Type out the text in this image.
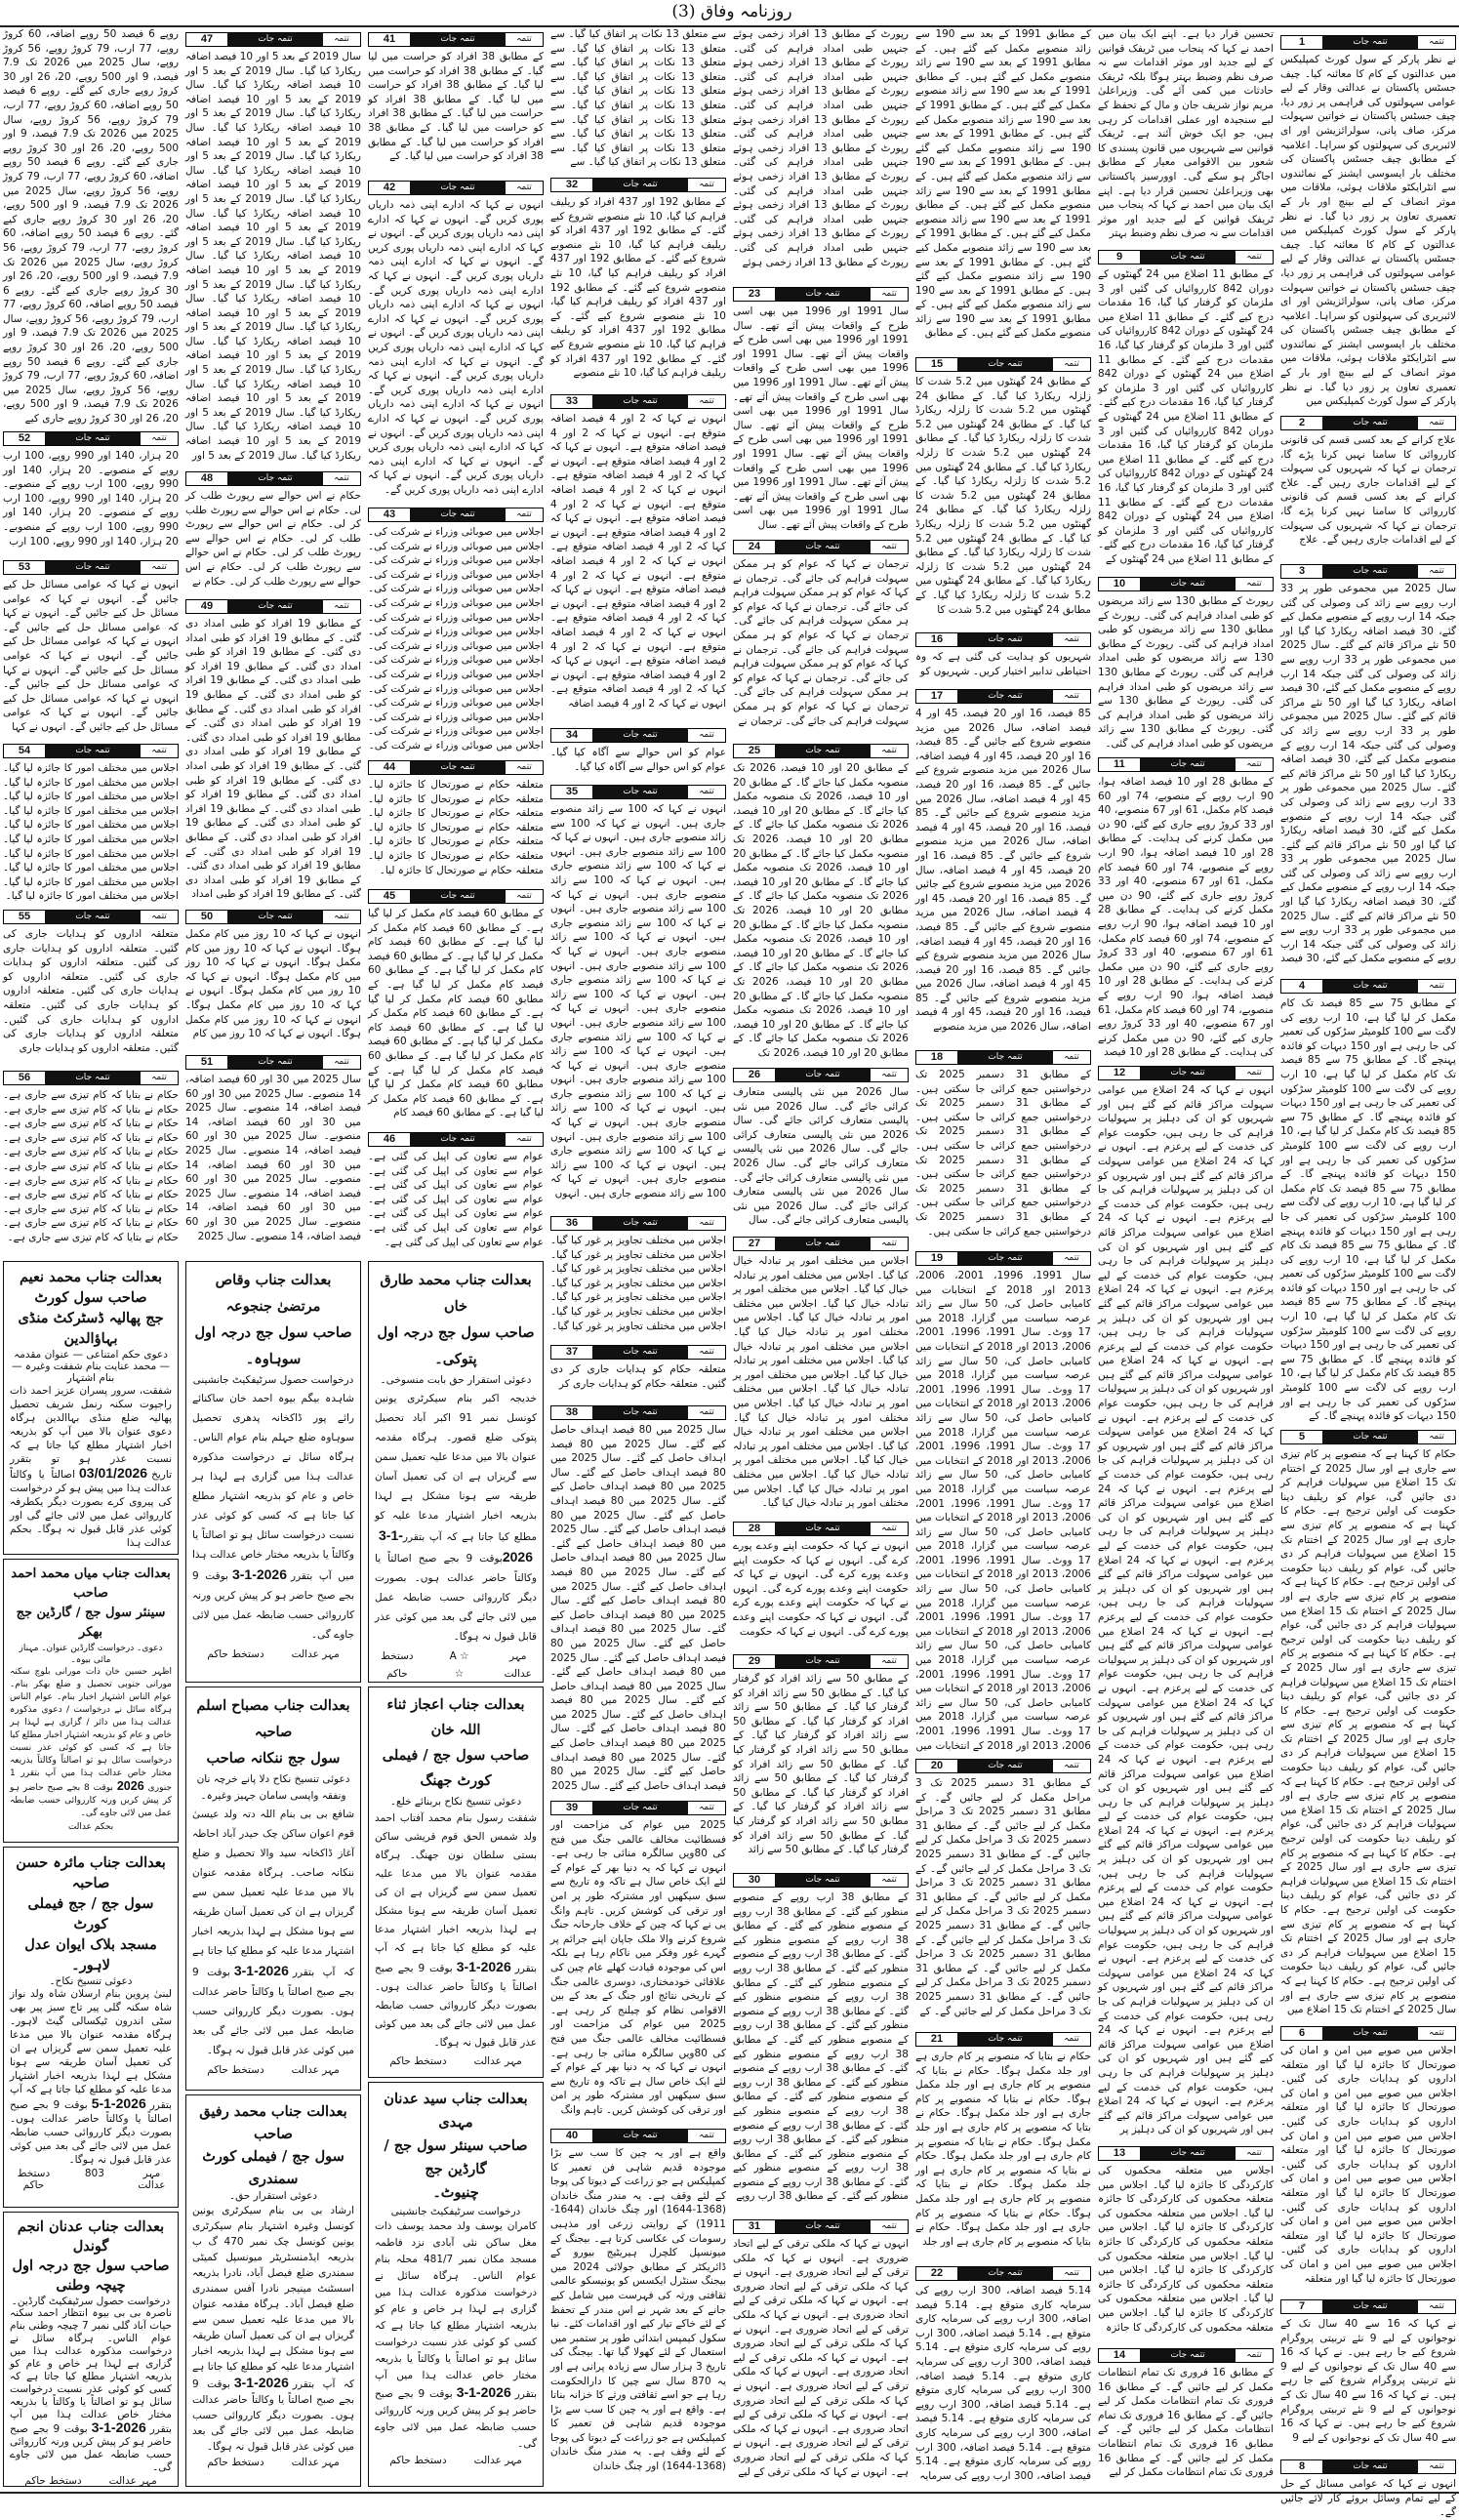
روزنامہ وفاق (3)
تتمہ
تتمہ جات
1
نے نظر پارکر کے سول کورٹ کمپلیکس میں عدالتوں کے کام کا معائنہ کیا۔ چیف جسٹس پاکستان نے عدالتی وقار کے لیے عوامی سہولتوں کی فراہمی پر زور دیا، چیف جسٹس پاکستان نے خواتین سہولت مرکز، صاف پانی، سولرائزیشن اور ای لائبریری کی سہولتوں کو سراہا۔ اعلامیہ کے مطابق چیف جسٹس پاکستان کی مختلف بار ایسوسی ایشنز کے نمائندوں سے انٹرایکٹو ملاقات ہوئی، ملاقات میں موثر انصاف کے لیے بینچ اور بار کے تعمیری تعاون پر زور دیا گیا۔ نے نظر پارکر کے سول کورٹ کمپلیکس میں عدالتوں کے کام کا معائنہ کیا۔ چیف جسٹس پاکستان نے عدالتی وقار کے لیے عوامی سہولتوں کی فراہمی پر زور دیا، چیف جسٹس پاکستان نے خواتین سہولت مرکز، صاف پانی، سولرائزیشن اور ای لائبریری کی سہولتوں کو سراہا۔ اعلامیہ کے مطابق چیف جسٹس پاکستان کی مختلف بار ایسوسی ایشنز کے نمائندوں سے انٹرایکٹو ملاقات ہوئی، ملاقات میں موثر انصاف کے لیے بینچ اور بار کے تعمیری تعاون پر زور دیا گیا۔ نے نظر پارکر کے سول کورٹ کمپلیکس میں
تتمہ
تتمہ جات
2
علاج کرانے کے بعد کسی قسم کی قانونی کارروائی کا سامنا نہیں کرنا پڑے گا، ترجمان نے کہا کہ شہریوں کی سہولت کے لیے اقدامات جاری رہیں گے۔ علاج کرانے کے بعد کسی قسم کی قانونی کارروائی کا سامنا نہیں کرنا پڑے گا، ترجمان نے کہا کہ شہریوں کی سہولت کے لیے اقدامات جاری رہیں گے۔ علاج
تتمہ
تتمہ جات
3
سال 2025 میں مجموعی طور پر 33 ارب روپے سے زائد کی وصولی کی گئی جبکہ 14 ارب روپے کے منصوبے مکمل کیے گئے، 30 فیصد اضافہ ریکارڈ کیا گیا اور 50 نئے مراکز قائم کیے گئے۔ سال 2025 میں مجموعی طور پر 33 ارب روپے سے زائد کی وصولی کی گئی جبکہ 14 ارب روپے کے منصوبے مکمل کیے گئے، 30 فیصد اضافہ ریکارڈ کیا گیا اور 50 نئے مراکز قائم کیے گئے۔ سال 2025 میں مجموعی طور پر 33 ارب روپے سے زائد کی وصولی کی گئی جبکہ 14 ارب روپے کے منصوبے مکمل کیے گئے، 30 فیصد اضافہ ریکارڈ کیا گیا اور 50 نئے مراکز قائم کیے گئے۔ سال 2025 میں مجموعی طور پر 33 ارب روپے سے زائد کی وصولی کی گئی جبکہ 14 ارب روپے کے منصوبے مکمل کیے گئے، 30 فیصد اضافہ ریکارڈ کیا گیا اور 50 نئے مراکز قائم کیے گئے۔ سال 2025 میں مجموعی طور پر 33 ارب روپے سے زائد کی وصولی کی گئی جبکہ 14 ارب روپے کے منصوبے مکمل کیے گئے، 30 فیصد اضافہ ریکارڈ کیا گیا اور 50 نئے مراکز قائم کیے گئے۔ سال 2025 میں مجموعی طور پر 33 ارب روپے سے زائد کی وصولی کی گئی جبکہ 14 ارب روپے کے منصوبے مکمل کیے گئے، 30 فیصد
تتمہ
تتمہ جات
4
کے مطابق 75 سے 85 فیصد تک کام مکمل کر لیا گیا ہے، 10 ارب روپے کی لاگت سے 100 کلومیٹر سڑکوں کی تعمیر کی جا رہی ہے اور 150 دیہات کو فائدہ پہنچے گا۔ کے مطابق 75 سے 85 فیصد تک کام مکمل کر لیا گیا ہے، 10 ارب روپے کی لاگت سے 100 کلومیٹر سڑکوں کی تعمیر کی جا رہی ہے اور 150 دیہات کو فائدہ پہنچے گا۔ کے مطابق 75 سے 85 فیصد تک کام مکمل کر لیا گیا ہے، 10 ارب روپے کی لاگت سے 100 کلومیٹر سڑکوں کی تعمیر کی جا رہی ہے اور 150 دیہات کو فائدہ پہنچے گا۔ کے مطابق 75 سے 85 فیصد تک کام مکمل کر لیا گیا ہے، 10 ارب روپے کی لاگت سے 100 کلومیٹر سڑکوں کی تعمیر کی جا رہی ہے اور 150 دیہات کو فائدہ پہنچے گا۔ کے مطابق 75 سے 85 فیصد تک کام مکمل کر لیا گیا ہے، 10 ارب روپے کی لاگت سے 100 کلومیٹر سڑکوں کی تعمیر کی جا رہی ہے اور 150 دیہات کو فائدہ پہنچے گا۔ کے مطابق 75 سے 85 فیصد تک کام مکمل کر لیا گیا ہے، 10 ارب روپے کی لاگت سے 100 کلومیٹر سڑکوں کی تعمیر کی جا رہی ہے اور 150 دیہات کو فائدہ پہنچے گا۔ کے مطابق 75 سے 85 فیصد تک کام مکمل کر لیا گیا ہے، 10 ارب روپے کی لاگت سے 100 کلومیٹر سڑکوں کی تعمیر کی جا رہی ہے اور 150 دیہات کو فائدہ پہنچے گا۔ کے
تتمہ
تتمہ جات
5
حکام کا کہنا ہے کہ منصوبے پر کام تیزی سے جاری ہے اور سال 2025 کے اختتام تک 15 اضلاع میں سہولیات فراہم کر دی جائیں گی، عوام کو ریلیف دینا حکومت کی اولین ترجیح ہے۔ حکام کا کہنا ہے کہ منصوبے پر کام تیزی سے جاری ہے اور سال 2025 کے اختتام تک 15 اضلاع میں سہولیات فراہم کر دی جائیں گی، عوام کو ریلیف دینا حکومت کی اولین ترجیح ہے۔ حکام کا کہنا ہے کہ منصوبے پر کام تیزی سے جاری ہے اور سال 2025 کے اختتام تک 15 اضلاع میں سہولیات فراہم کر دی جائیں گی، عوام کو ریلیف دینا حکومت کی اولین ترجیح ہے۔ حکام کا کہنا ہے کہ منصوبے پر کام تیزی سے جاری ہے اور سال 2025 کے اختتام تک 15 اضلاع میں سہولیات فراہم کر دی جائیں گی، عوام کو ریلیف دینا حکومت کی اولین ترجیح ہے۔ حکام کا کہنا ہے کہ منصوبے پر کام تیزی سے جاری ہے اور سال 2025 کے اختتام تک 15 اضلاع میں سہولیات فراہم کر دی جائیں گی، عوام کو ریلیف دینا حکومت کی اولین ترجیح ہے۔ حکام کا کہنا ہے کہ منصوبے پر کام تیزی سے جاری ہے اور سال 2025 کے اختتام تک 15 اضلاع میں سہولیات فراہم کر دی جائیں گی، عوام کو ریلیف دینا حکومت کی اولین ترجیح ہے۔ حکام کا کہنا ہے کہ منصوبے پر کام تیزی سے جاری ہے اور سال 2025 کے اختتام تک 15 اضلاع میں سہولیات فراہم کر دی جائیں گی، عوام کو ریلیف دینا حکومت کی اولین ترجیح ہے۔ حکام کا کہنا ہے کہ منصوبے پر کام تیزی سے جاری ہے اور سال 2025 کے اختتام تک 15 اضلاع میں سہولیات فراہم کر دی جائیں گی، عوام کو ریلیف دینا حکومت کی اولین ترجیح ہے۔ حکام کا کہنا ہے کہ منصوبے پر کام تیزی سے جاری ہے اور سال 2025 کے اختتام تک 15 اضلاع میں
تتمہ
تتمہ جات
6
اجلاس میں صوبے میں امن و امان کی صورتحال کا جائزہ لیا گیا اور متعلقہ اداروں کو ہدایات جاری کی گئیں۔ اجلاس میں صوبے میں امن و امان کی صورتحال کا جائزہ لیا گیا اور متعلقہ اداروں کو ہدایات جاری کی گئیں۔ اجلاس میں صوبے میں امن و امان کی صورتحال کا جائزہ لیا گیا اور متعلقہ اداروں کو ہدایات جاری کی گئیں۔ اجلاس میں صوبے میں امن و امان کی صورتحال کا جائزہ لیا گیا اور متعلقہ اداروں کو ہدایات جاری کی گئیں۔ اجلاس میں صوبے میں امن و امان کی صورتحال کا جائزہ لیا گیا اور متعلقہ اداروں کو ہدایات جاری کی گئیں۔ اجلاس میں صوبے میں امن و امان کی صورتحال کا جائزہ لیا گیا اور متعلقہ
تتمہ
تتمہ جات
7
نے کہا کہ 16 سے 40 سال تک کے نوجوانوں کے لیے 9 نئے تربیتی پروگرام شروع کیے جا رہے ہیں۔ نے کہا کہ 16 سے 40 سال تک کے نوجوانوں کے لیے 9 نئے تربیتی پروگرام شروع کیے جا رہے ہیں۔ نے کہا کہ 16 سے 40 سال تک کے نوجوانوں کے لیے 9 نئے تربیتی پروگرام شروع کیے جا رہے ہیں۔ نے کہا کہ 16 سے 40 سال تک کے نوجوانوں کے لیے 9
تتمہ
تتمہ جات
8
انہوں نے کہا کہ عوامی مسائل کے حل کے لیے تمام وسائل بروئے کار لائے جائیں گے۔
تحسین قرار دیا ہے۔ اپنے ایک بیان میں احمد نے کہا کہ پنجاب میں ٹریفک قوانین کے لیے جدید اور موثر اقدامات سے نہ صرف نظم وضبط بہتر ہوگا بلکہ ٹریفک حادثات میں کمی آئے گی۔ وزیراعلیٰ مریم نواز شریف جان و مال کے تحفظ کے لیے سنجیدہ اور عملی اقدامات کر رہی ہیں، جو ایک خوش آئند ہے۔ ٹریفک قوانین سے شہریوں میں قانون پسندی کا شعور بین الاقوامی معیار کے مطابق اجاگر ہو سکے گی۔ اوورسیز پاکستانی بھی وزیراعلیٰ تحسین قرار دیا ہے۔ اپنے ایک بیان میں احمد نے کہا کہ پنجاب میں ٹریفک قوانین کے لیے جدید اور موثر اقدامات سے نہ صرف نظم وضبط بہتر
تتمہ
تتمہ جات
9
کے مطابق 11 اضلاع میں 24 گھنٹوں کے دوران 842 کارروائیاں کی گئیں اور 3 ملزمان کو گرفتار کیا گیا، 16 مقدمات درج کیے گئے۔ کے مطابق 11 اضلاع میں 24 گھنٹوں کے دوران 842 کارروائیاں کی گئیں اور 3 ملزمان کو گرفتار کیا گیا، 16 مقدمات درج کیے گئے۔ کے مطابق 11 اضلاع میں 24 گھنٹوں کے دوران 842 کارروائیاں کی گئیں اور 3 ملزمان کو گرفتار کیا گیا، 16 مقدمات درج کیے گئے۔ کے مطابق 11 اضلاع میں 24 گھنٹوں کے دوران 842 کارروائیاں کی گئیں اور 3 ملزمان کو گرفتار کیا گیا، 16 مقدمات درج کیے گئے۔ کے مطابق 11 اضلاع میں 24 گھنٹوں کے دوران 842 کارروائیاں کی گئیں اور 3 ملزمان کو گرفتار کیا گیا، 16 مقدمات درج کیے گئے۔ کے مطابق 11 اضلاع میں 24 گھنٹوں کے دوران 842 کارروائیاں کی گئیں اور 3 ملزمان کو گرفتار کیا گیا، 16 مقدمات درج کیے گئے۔ کے مطابق 11 اضلاع میں 24 گھنٹوں کے
تتمہ
تتمہ جات
10
رپورٹ کے مطابق 130 سے زائد مریضوں کو طبی امداد فراہم کی گئی۔ رپورٹ کے مطابق 130 سے زائد مریضوں کو طبی امداد فراہم کی گئی۔ رپورٹ کے مطابق 130 سے زائد مریضوں کو طبی امداد فراہم کی گئی۔ رپورٹ کے مطابق 130 سے زائد مریضوں کو طبی امداد فراہم کی گئی۔ رپورٹ کے مطابق 130 سے زائد مریضوں کو طبی امداد فراہم کی گئی۔ رپورٹ کے مطابق 130 سے زائد مریضوں کو طبی امداد فراہم کی گئی۔
تتمہ
تتمہ جات
11
کے مطابق 28 اور 10 فیصد اضافہ ہوا، 90 ارب روپے کے منصوبے، 74 اور 60 فیصد کام مکمل، 61 اور 67 منصوبے، 40 اور 33 کروڑ روپے جاری کیے گئے، 90 دن میں مکمل کرنے کی ہدایت۔ کے مطابق 28 اور 10 فیصد اضافہ ہوا، 90 ارب روپے کے منصوبے، 74 اور 60 فیصد کام مکمل، 61 اور 67 منصوبے، 40 اور 33 کروڑ روپے جاری کیے گئے، 90 دن میں مکمل کرنے کی ہدایت۔ کے مطابق 28 اور 10 فیصد اضافہ ہوا، 90 ارب روپے کے منصوبے، 74 اور 60 فیصد کام مکمل، 61 اور 67 منصوبے، 40 اور 33 کروڑ روپے جاری کیے گئے، 90 دن میں مکمل کرنے کی ہدایت۔ کے مطابق 28 اور 10 فیصد اضافہ ہوا، 90 ارب روپے کے منصوبے، 74 اور 60 فیصد کام مکمل، 61 اور 67 منصوبے، 40 اور 33 کروڑ روپے جاری کیے گئے، 90 دن میں مکمل کرنے کی ہدایت۔ کے مطابق 28 اور 10 فیصد
تتمہ
تتمہ جات
12
انہوں نے کہا کہ 24 اضلاع میں عوامی سہولت مراکز قائم کیے گئے ہیں اور شہریوں کو ان کی دہلیز پر سہولیات فراہم کی جا رہی ہیں، حکومت عوام کی خدمت کے لیے پرعزم ہے۔ انہوں نے کہا کہ 24 اضلاع میں عوامی سہولت مراکز قائم کیے گئے ہیں اور شہریوں کو ان کی دہلیز پر سہولیات فراہم کی جا رہی ہیں، حکومت عوام کی خدمت کے لیے پرعزم ہے۔ انہوں نے کہا کہ 24 اضلاع میں عوامی سہولت مراکز قائم کیے گئے ہیں اور شہریوں کو ان کی دہلیز پر سہولیات فراہم کی جا رہی ہیں، حکومت عوام کی خدمت کے لیے پرعزم ہے۔ انہوں نے کہا کہ 24 اضلاع میں عوامی سہولت مراکز قائم کیے گئے ہیں اور شہریوں کو ان کی دہلیز پر سہولیات فراہم کی جا رہی ہیں، حکومت عوام کی خدمت کے لیے پرعزم ہے۔ انہوں نے کہا کہ 24 اضلاع میں عوامی سہولت مراکز قائم کیے گئے ہیں اور شہریوں کو ان کی دہلیز پر سہولیات فراہم کی جا رہی ہیں، حکومت عوام کی خدمت کے لیے پرعزم ہے۔ انہوں نے کہا کہ 24 اضلاع میں عوامی سہولت مراکز قائم کیے گئے ہیں اور شہریوں کو ان کی دہلیز پر سہولیات فراہم کی جا رہی ہیں، حکومت عوام کی خدمت کے لیے پرعزم ہے۔ انہوں نے کہا کہ 24 اضلاع میں عوامی سہولت مراکز قائم کیے گئے ہیں اور شہریوں کو ان کی دہلیز پر سہولیات فراہم کی جا رہی ہیں، حکومت عوام کی خدمت کے لیے پرعزم ہے۔ انہوں نے کہا کہ 24 اضلاع میں عوامی سہولت مراکز قائم کیے گئے ہیں اور شہریوں کو ان کی دہلیز پر سہولیات فراہم کی جا رہی ہیں، حکومت عوام کی خدمت کے لیے پرعزم ہے۔ انہوں نے کہا کہ 24 اضلاع میں عوامی سہولت مراکز قائم کیے گئے ہیں اور شہریوں کو ان کی دہلیز پر سہولیات فراہم کی جا رہی ہیں، حکومت عوام کی خدمت کے لیے پرعزم ہے۔ انہوں نے کہا کہ 24 اضلاع میں عوامی سہولت مراکز قائم کیے گئے ہیں اور شہریوں کو ان کی دہلیز پر سہولیات فراہم کی جا رہی ہیں، حکومت عوام کی خدمت کے لیے پرعزم ہے۔ انہوں نے کہا کہ 24 اضلاع میں عوامی سہولت مراکز قائم کیے گئے ہیں اور شہریوں کو ان کی دہلیز پر سہولیات فراہم کی جا رہی ہیں، حکومت عوام کی خدمت کے لیے پرعزم ہے۔ انہوں نے کہا کہ 24 اضلاع میں عوامی سہولت مراکز قائم کیے گئے ہیں اور شہریوں کو ان کی دہلیز پر سہولیات فراہم کی جا رہی ہیں، حکومت عوام کی خدمت کے لیے پرعزم ہے۔ انہوں نے کہا کہ 24 اضلاع میں عوامی سہولت مراکز قائم کیے گئے ہیں اور شہریوں کو ان کی دہلیز پر سہولیات فراہم کی جا رہی ہیں، حکومت عوام کی خدمت کے لیے پرعزم ہے۔ انہوں نے کہا کہ 24 اضلاع میں عوامی سہولت مراکز قائم کیے گئے ہیں اور شہریوں کو ان کی دہلیز پر سہولیات فراہم کی جا رہی ہیں، حکومت عوام کی خدمت کے لیے پرعزم ہے۔ انہوں نے کہا کہ 24 اضلاع میں عوامی سہولت مراکز قائم کیے گئے ہیں اور شہریوں کو ان کی دہلیز پر سہولیات فراہم کی جا رہی ہیں، حکومت عوام کی خدمت کے لیے پرعزم ہے۔ انہوں نے کہا کہ 24 اضلاع میں عوامی سہولت مراکز قائم کیے گئے ہیں اور شہریوں کو ان کی دہلیز پر
تتمہ
تتمہ جات
13
اجلاس میں متعلقہ محکموں کی کارکردگی کا جائزہ لیا گیا۔ اجلاس میں متعلقہ محکموں کی کارکردگی کا جائزہ لیا گیا۔ اجلاس میں متعلقہ محکموں کی کارکردگی کا جائزہ لیا گیا۔ اجلاس میں متعلقہ محکموں کی کارکردگی کا جائزہ لیا گیا۔ اجلاس میں متعلقہ محکموں کی کارکردگی کا جائزہ لیا گیا۔ اجلاس میں متعلقہ محکموں کی کارکردگی کا جائزہ لیا گیا۔ اجلاس میں متعلقہ محکموں کی کارکردگی کا جائزہ لیا گیا۔ اجلاس میں متعلقہ محکموں کی کارکردگی کا جائزہ
تتمہ
تتمہ جات
14
کے مطابق 16 فروری تک تمام انتظامات مکمل کر لیے جائیں گے۔ کے مطابق 16 فروری تک تمام انتظامات مکمل کر لیے جائیں گے۔ کے مطابق 16 فروری تک تمام انتظامات مکمل کر لیے جائیں گے۔ کے مطابق 16 فروری تک تمام انتظامات مکمل کر لیے جائیں گے۔ کے مطابق 16 فروری تک تمام انتظامات مکمل کر لیے
کے مطابق 1991 کے بعد سے 190 سے زائد منصوبے مکمل کیے گئے ہیں۔ کے مطابق 1991 کے بعد سے 190 سے زائد منصوبے مکمل کیے گئے ہیں۔ کے مطابق 1991 کے بعد سے 190 سے زائد منصوبے مکمل کیے گئے ہیں۔ کے مطابق 1991 کے بعد سے 190 سے زائد منصوبے مکمل کیے گئے ہیں۔ کے مطابق 1991 کے بعد سے 190 سے زائد منصوبے مکمل کیے گئے ہیں۔ کے مطابق 1991 کے بعد سے 190 سے زائد منصوبے مکمل کیے گئے ہیں۔ کے مطابق 1991 کے بعد سے 190 سے زائد منصوبے مکمل کیے گئے ہیں۔ کے مطابق 1991 کے بعد سے 190 سے زائد منصوبے مکمل کیے گئے ہیں۔ کے مطابق 1991 کے بعد سے 190 سے زائد منصوبے مکمل کیے گئے ہیں۔ کے مطابق 1991 کے بعد سے 190 سے زائد منصوبے مکمل کیے گئے ہیں۔ کے مطابق 1991 کے بعد سے 190 سے زائد منصوبے مکمل کیے گئے ہیں۔ کے مطابق 1991 کے بعد سے 190 سے زائد منصوبے مکمل کیے گئے ہیں۔ کے مطابق
تتمہ
تتمہ جات
15
کے مطابق 24 گھنٹوں میں 5.2 شدت کا زلزلہ ریکارڈ کیا گیا۔ کے مطابق 24 گھنٹوں میں 5.2 شدت کا زلزلہ ریکارڈ کیا گیا۔ کے مطابق 24 گھنٹوں میں 5.2 شدت کا زلزلہ ریکارڈ کیا گیا۔ کے مطابق 24 گھنٹوں میں 5.2 شدت کا زلزلہ ریکارڈ کیا گیا۔ کے مطابق 24 گھنٹوں میں 5.2 شدت کا زلزلہ ریکارڈ کیا گیا۔ کے مطابق 24 گھنٹوں میں 5.2 شدت کا زلزلہ ریکارڈ کیا گیا۔ کے مطابق 24 گھنٹوں میں 5.2 شدت کا زلزلہ ریکارڈ کیا گیا۔ کے مطابق 24 گھنٹوں میں 5.2 شدت کا زلزلہ ریکارڈ کیا گیا۔ کے مطابق 24 گھنٹوں میں 5.2 شدت کا زلزلہ ریکارڈ کیا گیا۔ کے مطابق 24 گھنٹوں میں 5.2 شدت کا زلزلہ ریکارڈ کیا گیا۔ کے مطابق 24 گھنٹوں میں 5.2 شدت کا
تتمہ
تتمہ جات
16
شہریوں کو ہدایت کی گئی ہے کہ وہ احتیاطی تدابیر اختیار کریں۔ شہریوں کو
تتمہ
تتمہ جات
17
85 فیصد، 16 اور 20 فیصد، 45 اور 4 فیصد اضافہ، سال 2026 میں مزید منصوبے شروع کیے جائیں گے۔ 85 فیصد، 16 اور 20 فیصد، 45 اور 4 فیصد اضافہ، سال 2026 میں مزید منصوبے شروع کیے جائیں گے۔ 85 فیصد، 16 اور 20 فیصد، 45 اور 4 فیصد اضافہ، سال 2026 میں مزید منصوبے شروع کیے جائیں گے۔ 85 فیصد، 16 اور 20 فیصد، 45 اور 4 فیصد اضافہ، سال 2026 میں مزید منصوبے شروع کیے جائیں گے۔ 85 فیصد، 16 اور 20 فیصد، 45 اور 4 فیصد اضافہ، سال 2026 میں مزید منصوبے شروع کیے جائیں گے۔ 85 فیصد، 16 اور 20 فیصد، 45 اور 4 فیصد اضافہ، سال 2026 میں مزید منصوبے شروع کیے جائیں گے۔ 85 فیصد، 16 اور 20 فیصد، 45 اور 4 فیصد اضافہ، سال 2026 میں مزید منصوبے شروع کیے جائیں گے۔ 85 فیصد، 16 اور 20 فیصد، 45 اور 4 فیصد اضافہ، سال 2026 میں مزید منصوبے شروع کیے جائیں گے۔ 85 فیصد، 16 اور 20 فیصد، 45 اور 4 فیصد اضافہ، سال 2026 میں مزید منصوبے
تتمہ
تتمہ جات
18
کے مطابق 31 دسمبر 2025 تک درخواستیں جمع کرائی جا سکتی ہیں۔ کے مطابق 31 دسمبر 2025 تک درخواستیں جمع کرائی جا سکتی ہیں۔ کے مطابق 31 دسمبر 2025 تک درخواستیں جمع کرائی جا سکتی ہیں۔ کے مطابق 31 دسمبر 2025 تک درخواستیں جمع کرائی جا سکتی ہیں۔ کے مطابق 31 دسمبر 2025 تک درخواستیں جمع کرائی جا سکتی ہیں۔ کے مطابق 31 دسمبر 2025 تک درخواستیں جمع کرائی جا سکتی ہیں۔
تتمہ
تتمہ جات
19
سال 1991، 1996، 2001، 2006، 2013 اور 2018 کے انتخابات میں کامیابی حاصل کی، 50 سال سے زائد عرصہ سیاست میں گزارا، 2018 میں 17 ووٹ۔ سال 1991، 1996، 2001، 2006، 2013 اور 2018 کے انتخابات میں کامیابی حاصل کی، 50 سال سے زائد عرصہ سیاست میں گزارا، 2018 میں 17 ووٹ۔ سال 1991، 1996، 2001، 2006، 2013 اور 2018 کے انتخابات میں کامیابی حاصل کی، 50 سال سے زائد عرصہ سیاست میں گزارا، 2018 میں 17 ووٹ۔ سال 1991، 1996، 2001، 2006، 2013 اور 2018 کے انتخابات میں کامیابی حاصل کی، 50 سال سے زائد عرصہ سیاست میں گزارا، 2018 میں 17 ووٹ۔ سال 1991، 1996، 2001، 2006، 2013 اور 2018 کے انتخابات میں کامیابی حاصل کی، 50 سال سے زائد عرصہ سیاست میں گزارا، 2018 میں 17 ووٹ۔ سال 1991، 1996، 2001، 2006، 2013 اور 2018 کے انتخابات میں کامیابی حاصل کی، 50 سال سے زائد عرصہ سیاست میں گزارا، 2018 میں 17 ووٹ۔ سال 1991، 1996، 2001، 2006، 2013 اور 2018 کے انتخابات میں کامیابی حاصل کی، 50 سال سے زائد عرصہ سیاست میں گزارا، 2018 میں 17 ووٹ۔ سال 1991، 1996، 2001، 2006، 2013 اور 2018 کے انتخابات میں کامیابی حاصل کی، 50 سال سے زائد عرصہ سیاست میں گزارا، 2018 میں 17 ووٹ۔ سال 1991، 1996، 2001، 2006، 2013 اور 2018 کے انتخابات میں
تتمہ
تتمہ جات
20
کے مطابق 31 دسمبر 2025 تک 3 مراحل مکمل کر لیے جائیں گے۔ کے مطابق 31 دسمبر 2025 تک 3 مراحل مکمل کر لیے جائیں گے۔ کے مطابق 31 دسمبر 2025 تک 3 مراحل مکمل کر لیے جائیں گے۔ کے مطابق 31 دسمبر 2025 تک 3 مراحل مکمل کر لیے جائیں گے۔ کے مطابق 31 دسمبر 2025 تک 3 مراحل مکمل کر لیے جائیں گے۔ کے مطابق 31 دسمبر 2025 تک 3 مراحل مکمل کر لیے جائیں گے۔ کے مطابق 31 دسمبر 2025 تک 3 مراحل مکمل کر لیے جائیں گے۔ کے مطابق 31 دسمبر 2025 تک 3 مراحل مکمل کر لیے جائیں گے۔ کے مطابق 31 دسمبر 2025 تک 3 مراحل مکمل کر لیے جائیں گے۔ کے مطابق 31 دسمبر 2025 تک 3 مراحل مکمل کر لیے جائیں گے۔ کے
تتمہ
تتمہ جات
21
حکام نے بتایا کہ منصوبے پر کام جاری ہے اور جلد مکمل ہوگا۔ حکام نے بتایا کہ منصوبے پر کام جاری ہے اور جلد مکمل ہوگا۔ حکام نے بتایا کہ منصوبے پر کام جاری ہے اور جلد مکمل ہوگا۔ حکام نے بتایا کہ منصوبے پر کام جاری ہے اور جلد مکمل ہوگا۔ حکام نے بتایا کہ منصوبے پر کام جاری ہے اور جلد مکمل ہوگا۔ حکام نے بتایا کہ منصوبے پر کام جاری ہے اور جلد مکمل ہوگا۔ حکام نے بتایا کہ منصوبے پر کام جاری ہے اور جلد مکمل ہوگا۔ حکام نے بتایا کہ منصوبے پر کام جاری ہے اور جلد مکمل ہوگا۔ حکام نے بتایا کہ منصوبے پر کام جاری ہے اور جلد
تتمہ
تتمہ جات
22
5.14 فیصد اضافہ، 300 ارب روپے کی سرمایہ کاری متوقع ہے۔ 5.14 فیصد اضافہ، 300 ارب روپے کی سرمایہ کاری متوقع ہے۔ 5.14 فیصد اضافہ، 300 ارب روپے کی سرمایہ کاری متوقع ہے۔ 5.14 فیصد اضافہ، 300 ارب روپے کی سرمایہ کاری متوقع ہے۔ 5.14 فیصد اضافہ، 300 ارب روپے کی سرمایہ کاری متوقع ہے۔ 5.14 فیصد اضافہ، 300 ارب روپے کی سرمایہ کاری متوقع ہے۔ 5.14 فیصد اضافہ، 300 ارب روپے کی سرمایہ کاری متوقع ہے۔ 5.14 فیصد اضافہ، 300 ارب روپے کی سرمایہ کاری متوقع ہے۔ 5.14 فیصد اضافہ، 300 ارب روپے کی سرمایہ
رپورٹ کے مطابق 13 افراد زخمی ہوئے جنہیں طبی امداد فراہم کی گئی۔ رپورٹ کے مطابق 13 افراد زخمی ہوئے جنہیں طبی امداد فراہم کی گئی۔ رپورٹ کے مطابق 13 افراد زخمی ہوئے جنہیں طبی امداد فراہم کی گئی۔ رپورٹ کے مطابق 13 افراد زخمی ہوئے جنہیں طبی امداد فراہم کی گئی۔ رپورٹ کے مطابق 13 افراد زخمی ہوئے جنہیں طبی امداد فراہم کی گئی۔ رپورٹ کے مطابق 13 افراد زخمی ہوئے جنہیں طبی امداد فراہم کی گئی۔ رپورٹ کے مطابق 13 افراد زخمی ہوئے جنہیں طبی امداد فراہم کی گئی۔ رپورٹ کے مطابق 13 افراد زخمی ہوئے جنہیں طبی امداد فراہم کی گئی۔ رپورٹ کے مطابق 13 افراد زخمی ہوئے
تتمہ
تتمہ جات
23
سال 1991 اور 1996 میں بھی اسی طرح کے واقعات پیش آئے تھے۔ سال 1991 اور 1996 میں بھی اسی طرح کے واقعات پیش آئے تھے۔ سال 1991 اور 1996 میں بھی اسی طرح کے واقعات پیش آئے تھے۔ سال 1991 اور 1996 میں بھی اسی طرح کے واقعات پیش آئے تھے۔ سال 1991 اور 1996 میں بھی اسی طرح کے واقعات پیش آئے تھے۔ سال 1991 اور 1996 میں بھی اسی طرح کے واقعات پیش آئے تھے۔ سال 1991 اور 1996 میں بھی اسی طرح کے واقعات پیش آئے تھے۔ سال 1991 اور 1996 میں بھی اسی طرح کے واقعات پیش آئے تھے۔ سال 1991 اور 1996 میں بھی اسی طرح کے واقعات پیش آئے تھے۔ سال
تتمہ
تتمہ جات
24
ترجمان نے کہا کہ عوام کو ہر ممکن سہولت فراہم کی جائے گی۔ ترجمان نے کہا کہ عوام کو ہر ممکن سہولت فراہم کی جائے گی۔ ترجمان نے کہا کہ عوام کو ہر ممکن سہولت فراہم کی جائے گی۔ ترجمان نے کہا کہ عوام کو ہر ممکن سہولت فراہم کی جائے گی۔ ترجمان نے کہا کہ عوام کو ہر ممکن سہولت فراہم کی جائے گی۔ ترجمان نے کہا کہ عوام کو ہر ممکن سہولت فراہم کی جائے گی۔ ترجمان نے کہا کہ عوام کو ہر ممکن سہولت فراہم کی جائے گی۔ ترجمان نے
تتمہ
تتمہ جات
25
کے مطابق 20 اور 10 فیصد، 2026 تک منصوبہ مکمل کیا جائے گا۔ کے مطابق 20 اور 10 فیصد، 2026 تک منصوبہ مکمل کیا جائے گا۔ کے مطابق 20 اور 10 فیصد، 2026 تک منصوبہ مکمل کیا جائے گا۔ کے مطابق 20 اور 10 فیصد، 2026 تک منصوبہ مکمل کیا جائے گا۔ کے مطابق 20 اور 10 فیصد، 2026 تک منصوبہ مکمل کیا جائے گا۔ کے مطابق 20 اور 10 فیصد، 2026 تک منصوبہ مکمل کیا جائے گا۔ کے مطابق 20 اور 10 فیصد، 2026 تک منصوبہ مکمل کیا جائے گا۔ کے مطابق 20 اور 10 فیصد، 2026 تک منصوبہ مکمل کیا جائے گا۔ کے مطابق 20 اور 10 فیصد، 2026 تک منصوبہ مکمل کیا جائے گا۔ کے مطابق 20 اور 10 فیصد، 2026 تک منصوبہ مکمل کیا جائے گا۔ کے مطابق 20 اور 10 فیصد، 2026 تک منصوبہ مکمل کیا جائے گا۔ کے مطابق 20 اور 10 فیصد، 2026 تک منصوبہ مکمل کیا جائے گا۔ کے مطابق 20 اور 10 فیصد، 2026 تک
تتمہ
تتمہ جات
26
سال 2026 میں نئی پالیسی متعارف کرائی جائے گی۔ سال 2026 میں نئی پالیسی متعارف کرائی جائے گی۔ سال 2026 میں نئی پالیسی متعارف کرائی جائے گی۔ سال 2026 میں نئی پالیسی متعارف کرائی جائے گی۔ سال 2026 میں نئی پالیسی متعارف کرائی جائے گی۔ سال 2026 میں نئی پالیسی متعارف کرائی جائے گی۔ سال 2026 میں نئی پالیسی متعارف کرائی جائے گی۔ سال
تتمہ
تتمہ جات
27
اجلاس میں مختلف امور پر تبادلہ خیال کیا گیا۔ اجلاس میں مختلف امور پر تبادلہ خیال کیا گیا۔ اجلاس میں مختلف امور پر تبادلہ خیال کیا گیا۔ اجلاس میں مختلف امور پر تبادلہ خیال کیا گیا۔ اجلاس میں مختلف امور پر تبادلہ خیال کیا گیا۔ اجلاس میں مختلف امور پر تبادلہ خیال کیا گیا۔ اجلاس میں مختلف امور پر تبادلہ خیال کیا گیا۔ اجلاس میں مختلف امور پر تبادلہ خیال کیا گیا۔ اجلاس میں مختلف امور پر تبادلہ خیال کیا گیا۔ اجلاس میں مختلف امور پر تبادلہ خیال کیا گیا۔ اجلاس میں مختلف امور پر تبادلہ خیال کیا گیا۔ اجلاس میں مختلف امور پر تبادلہ خیال کیا گیا۔ اجلاس میں مختلف امور پر تبادلہ خیال کیا گیا۔ اجلاس میں مختلف امور پر تبادلہ خیال کیا گیا۔ اجلاس میں مختلف امور پر تبادلہ خیال کیا گیا۔
تتمہ
تتمہ جات
28
انہوں نے کہا کہ حکومت اپنے وعدے پورے کرے گی۔ انہوں نے کہا کہ حکومت اپنے وعدے پورے کرے گی۔ انہوں نے کہا کہ حکومت اپنے وعدے پورے کرے گی۔ انہوں نے کہا کہ حکومت اپنے وعدے پورے کرے گی۔ انہوں نے کہا کہ حکومت اپنے وعدے پورے کرے گی۔ انہوں نے کہا کہ حکومت
تتمہ
تتمہ جات
29
کے مطابق 50 سے زائد افراد کو گرفتار کیا گیا۔ کے مطابق 50 سے زائد افراد کو گرفتار کیا گیا۔ کے مطابق 50 سے زائد افراد کو گرفتار کیا گیا۔ کے مطابق 50 سے زائد افراد کو گرفتار کیا گیا۔ کے مطابق 50 سے زائد افراد کو گرفتار کیا گیا۔ کے مطابق 50 سے زائد افراد کو گرفتار کیا گیا۔ کے مطابق 50 سے زائد افراد کو گرفتار کیا گیا۔ کے مطابق 50 سے زائد افراد کو گرفتار کیا گیا۔ کے مطابق 50 سے زائد افراد کو گرفتار کیا گیا۔ کے مطابق 50 سے زائد افراد کو گرفتار کیا گیا۔ کے مطابق 50 سے زائد
تتمہ
تتمہ جات
30
کے مطابق 38 ارب روپے کے منصوبے منظور کیے گئے۔ کے مطابق 38 ارب روپے کے منصوبے منظور کیے گئے۔ کے مطابق 38 ارب روپے کے منصوبے منظور کیے گئے۔ کے مطابق 38 ارب روپے کے منصوبے منظور کیے گئے۔ کے مطابق 38 ارب روپے کے منصوبے منظور کیے گئے۔ کے مطابق 38 ارب روپے کے منصوبے منظور کیے گئے۔ کے مطابق 38 ارب روپے کے منصوبے منظور کیے گئے۔ کے مطابق 38 ارب روپے کے منصوبے منظور کیے گئے۔ کے مطابق 38 ارب روپے کے منصوبے منظور کیے گئے۔ کے مطابق 38 ارب روپے کے منصوبے منظور کیے گئے۔ کے مطابق 38 ارب روپے کے منصوبے منظور کیے گئے۔ کے مطابق 38 ارب روپے کے منصوبے منظور کیے گئے۔ کے مطابق 38 ارب روپے کے منصوبے منظور کیے گئے۔ کے مطابق 38 ارب روپے کے منصوبے منظور کیے گئے۔ کے مطابق 38 ارب روپے کے منصوبے منظور کیے گئے۔ کے مطابق 38 ارب روپے کے منصوبے منظور کیے گئے۔ کے مطابق 38 ارب روپے
تتمہ
تتمہ جات
31
انہوں نے کہا کہ ملکی ترقی کے لیے اتحاد ضروری ہے۔ انہوں نے کہا کہ ملکی ترقی کے لیے اتحاد ضروری ہے۔ انہوں نے کہا کہ ملکی ترقی کے لیے اتحاد ضروری ہے۔ انہوں نے کہا کہ ملکی ترقی کے لیے اتحاد ضروری ہے۔ انہوں نے کہا کہ ملکی ترقی کے لیے اتحاد ضروری ہے۔ انہوں نے کہا کہ ملکی ترقی کے لیے اتحاد ضروری ہے۔ انہوں نے کہا کہ ملکی ترقی کے لیے اتحاد ضروری ہے۔ انہوں نے کہا کہ ملکی ترقی کے لیے اتحاد ضروری ہے۔ انہوں نے کہا کہ ملکی ترقی کے لیے اتحاد ضروری ہے۔ انہوں نے کہا کہ ملکی ترقی کے لیے اتحاد ضروری ہے۔ انہوں نے کہا کہ ملکی ترقی کے لیے اتحاد ضروری ہے۔ انہوں نے کہا کہ ملکی ترقی کے لیے اتحاد ضروری ہے۔ انہوں نے کہا کہ ملکی ترقی کے لیے
سے متعلق 13 نکات پر اتفاق کیا گیا۔ سے متعلق 13 نکات پر اتفاق کیا گیا۔ سے متعلق 13 نکات پر اتفاق کیا گیا۔ سے متعلق 13 نکات پر اتفاق کیا گیا۔ سے متعلق 13 نکات پر اتفاق کیا گیا۔ سے متعلق 13 نکات پر اتفاق کیا گیا۔ سے متعلق 13 نکات پر اتفاق کیا گیا۔ سے متعلق 13 نکات پر اتفاق کیا گیا۔ سے متعلق 13 نکات پر اتفاق کیا گیا۔ سے متعلق 13 نکات پر اتفاق کیا گیا۔ سے
تتمہ
تتمہ جات
32
کے مطابق 192 اور 437 افراد کو ریلیف فراہم کیا گیا، 10 نئے منصوبے شروع کیے گئے۔ کے مطابق 192 اور 437 افراد کو ریلیف فراہم کیا گیا، 10 نئے منصوبے شروع کیے گئے۔ کے مطابق 192 اور 437 افراد کو ریلیف فراہم کیا گیا، 10 نئے منصوبے شروع کیے گئے۔ کے مطابق 192 اور 437 افراد کو ریلیف فراہم کیا گیا، 10 نئے منصوبے شروع کیے گئے۔ کے مطابق 192 اور 437 افراد کو ریلیف فراہم کیا گیا، 10 نئے منصوبے شروع کیے گئے۔ کے مطابق 192 اور 437 افراد کو ریلیف فراہم کیا گیا، 10 نئے منصوبے
تتمہ
تتمہ جات
33
انہوں نے کہا کہ 2 اور 4 فیصد اضافہ متوقع ہے۔ انہوں نے کہا کہ 2 اور 4 فیصد اضافہ متوقع ہے۔ انہوں نے کہا کہ 2 اور 4 فیصد اضافہ متوقع ہے۔ انہوں نے کہا کہ 2 اور 4 فیصد اضافہ متوقع ہے۔ انہوں نے کہا کہ 2 اور 4 فیصد اضافہ متوقع ہے۔ انہوں نے کہا کہ 2 اور 4 فیصد اضافہ متوقع ہے۔ انہوں نے کہا کہ 2 اور 4 فیصد اضافہ متوقع ہے۔ انہوں نے کہا کہ 2 اور 4 فیصد اضافہ متوقع ہے۔ انہوں نے کہا کہ 2 اور 4 فیصد اضافہ متوقع ہے۔ انہوں نے کہا کہ 2 اور 4 فیصد اضافہ متوقع ہے۔ انہوں نے کہا کہ 2 اور 4 فیصد اضافہ متوقع ہے۔ انہوں نے کہا کہ 2 اور 4 فیصد اضافہ متوقع ہے۔ انہوں نے کہا کہ 2 اور 4 فیصد اضافہ متوقع ہے۔ انہوں نے کہا کہ 2 اور 4 فیصد اضافہ متوقع ہے۔ انہوں نے کہا کہ 2 اور 4 فیصد اضافہ متوقع ہے۔ انہوں نے کہا کہ 2 اور 4 فیصد اضافہ متوقع ہے۔ انہوں نے کہا کہ 2 اور 4 فیصد اضافہ
تتمہ
تتمہ جات
34
عوام کو اس حوالے سے آگاہ کیا گیا۔ عوام کو اس حوالے سے آگاہ کیا گیا۔
تتمہ
تتمہ جات
35
انہوں نے کہا کہ 100 سے زائد منصوبے جاری ہیں۔ انہوں نے کہا کہ 100 سے زائد منصوبے جاری ہیں۔ انہوں نے کہا کہ 100 سے زائد منصوبے جاری ہیں۔ انہوں نے کہا کہ 100 سے زائد منصوبے جاری ہیں۔ انہوں نے کہا کہ 100 سے زائد منصوبے جاری ہیں۔ انہوں نے کہا کہ 100 سے زائد منصوبے جاری ہیں۔ انہوں نے کہا کہ 100 سے زائد منصوبے جاری ہیں۔ انہوں نے کہا کہ 100 سے زائد منصوبے جاری ہیں۔ انہوں نے کہا کہ 100 سے زائد منصوبے جاری ہیں۔ انہوں نے کہا کہ 100 سے زائد منصوبے جاری ہیں۔ انہوں نے کہا کہ 100 سے زائد منصوبے جاری ہیں۔ انہوں نے کہا کہ 100 سے زائد منصوبے جاری ہیں۔ انہوں نے کہا کہ 100 سے زائد منصوبے جاری ہیں۔ انہوں نے کہا کہ 100 سے زائد منصوبے جاری ہیں۔ انہوں نے کہا کہ 100 سے زائد منصوبے جاری ہیں۔ انہوں نے کہا کہ 100 سے زائد منصوبے جاری ہیں۔ انہوں نے کہا کہ 100 سے زائد منصوبے جاری ہیں۔ انہوں نے کہا کہ 100 سے زائد منصوبے جاری ہیں۔ انہوں نے کہا کہ 100 سے زائد منصوبے جاری ہیں۔ انہوں نے کہا کہ 100 سے زائد منصوبے جاری ہیں۔ انہوں نے کہا کہ 100 سے زائد منصوبے جاری ہیں۔ انہوں
تتمہ
تتمہ جات
36
اجلاس میں مختلف تجاویز پر غور کیا گیا۔ اجلاس میں مختلف تجاویز پر غور کیا گیا۔ اجلاس میں مختلف تجاویز پر غور کیا گیا۔ اجلاس میں مختلف تجاویز پر غور کیا گیا۔ اجلاس میں مختلف تجاویز پر غور کیا گیا۔ اجلاس میں مختلف تجاویز پر غور کیا گیا۔ اجلاس میں مختلف تجاویز پر غور کیا گیا۔
تتمہ
تتمہ جات
37
متعلقہ حکام کو ہدایات جاری کر دی گئیں۔ متعلقہ حکام کو ہدایات جاری کر
تتمہ
تتمہ جات
38
سال 2025 میں 80 فیصد اہداف حاصل کیے گئے۔ سال 2025 میں 80 فیصد اہداف حاصل کیے گئے۔ سال 2025 میں 80 فیصد اہداف حاصل کیے گئے۔ سال 2025 میں 80 فیصد اہداف حاصل کیے گئے۔ سال 2025 میں 80 فیصد اہداف حاصل کیے گئے۔ سال 2025 میں 80 فیصد اہداف حاصل کیے گئے۔ سال 2025 میں 80 فیصد اہداف حاصل کیے گئے۔ سال 2025 میں 80 فیصد اہداف حاصل کیے گئے۔ سال 2025 میں 80 فیصد اہداف حاصل کیے گئے۔ سال 2025 میں 80 فیصد اہداف حاصل کیے گئے۔ سال 2025 میں 80 فیصد اہداف حاصل کیے گئے۔ سال 2025 میں 80 فیصد اہداف حاصل کیے گئے۔ سال 2025 میں 80 فیصد اہداف حاصل کیے گئے۔ سال 2025 میں 80 فیصد اہداف حاصل کیے گئے۔ سال 2025 میں 80 فیصد اہداف حاصل کیے گئے۔ سال 2025 میں 80 فیصد اہداف حاصل کیے گئے۔ سال 2025 میں 80 فیصد اہداف حاصل کیے گئے۔ سال 2025 میں 80 فیصد اہداف حاصل کیے گئے۔ سال 2025 میں 80 فیصد اہداف حاصل کیے گئے۔ سال 2025 میں 80 فیصد اہداف حاصل کیے گئے۔ سال 2025
تتمہ
تتمہ جات
39
2025 میں عوام کی مزاحمت اور فسطائیت مخالف عالمی جنگ میں فتح کی 80ویں سالگرہ منائی جا رہی ہے۔ انہوں نے کہا کہ یہ دنیا بھر کے عوام کے لئے ایک خاص سال ہے تاکہ وہ تاریخ سے سبق سیکھیں اور مشترکہ طور پر امن اور ترقی کی کوشش کریں۔ تاہم وانگ یی نے کہا کہ چین کے خلاف جارحانہ جنگ شروع کرنے والا ملک جاپان اپنے جرائم پر گہرے غور وفکر میں ناکام رہا ہے بلکہ اس کی موجودہ قیادت کھلے عام چین کی علاقائی خودمختاری، دوسری عالمی جنگ کے تاریخی نتائج اور جنگ کے بعد کے بین الاقوامی نظام کو چیلنج کر رہی ہے۔ 2025 میں عوام کی مزاحمت اور فسطائیت مخالف عالمی جنگ میں فتح کی 80ویں سالگرہ منائی جا رہی ہے۔ انہوں نے کہا کہ یہ دنیا بھر کے عوام کے لئے ایک خاص سال ہے تاکہ وہ تاریخ سے سبق سیکھیں اور مشترکہ طور پر امن اور ترقی کی کوشش کریں۔ تاہم وانگ
تتمہ
تتمہ جات
40
واقع ہے اور یہ چین کا سب سے بڑا موجودہ قدیم شاہی فن تعمیر کا کمپلیکس ہے جو زراعت کے دیوتا کی پوجا کے لئے وقف ہے۔ یہ مندر منگ خاندان (1368-1644) اور چنگ خاندان (1644-1911) کے روایتی زرعی اور مذہبی رسومات کی عکاسی کرتا ہے۔ بیجنگ کے میونسپل کلچرل ہیریٹیج بیورو کے ڈائریکٹر کے مطابق جولائی 2024 میں بیجنگ سنٹرل ایکسس کو یونیسکو عالمی ثقافتی ورثہ کی فہرست میں شامل کیے جانے کے بعد شہر نے اس مندر کے تحفظ کے لئے خاکے تیار کیے اور اقدامات کئے۔ نیا سکول کیمپس ابتدائی طور پر ستمبر میں استعمال کے لئے کھولا گیا تھا۔ بیجنگ کی تاریخ 3 ہزار سال سے زیادہ پرانی ہے اور یہ 870 سال سے چین کا دارالحکومت رہا ہے جو اسے ثقافتی ورثے کا خزانہ بناتا ہے۔ واقع ہے اور یہ چین کا سب سے بڑا موجودہ قدیم شاہی فن تعمیر کا کمپلیکس ہے جو زراعت کے دیوتا کی پوجا کے لئے وقف ہے۔ یہ مندر منگ خاندان (1368-1644) اور چنگ خاندان
تتمہ
تتمہ جات
41
کے مطابق 38 افراد کو حراست میں لیا گیا۔ کے مطابق 38 افراد کو حراست میں لیا گیا۔ کے مطابق 38 افراد کو حراست میں لیا گیا۔ کے مطابق 38 افراد کو حراست میں لیا گیا۔ کے مطابق 38 افراد کو حراست میں لیا گیا۔ کے مطابق 38 افراد کو حراست میں لیا گیا۔ کے مطابق 38 افراد کو حراست میں لیا گیا۔ کے
تتمہ
تتمہ جات
42
انہوں نے کہا کہ ادارے اپنی ذمہ داریاں پوری کریں گے۔ انہوں نے کہا کہ ادارے اپنی ذمہ داریاں پوری کریں گے۔ انہوں نے کہا کہ ادارے اپنی ذمہ داریاں پوری کریں گے۔ انہوں نے کہا کہ ادارے اپنی ذمہ داریاں پوری کریں گے۔ انہوں نے کہا کہ ادارے اپنی ذمہ داریاں پوری کریں گے۔ انہوں نے کہا کہ ادارے اپنی ذمہ داریاں پوری کریں گے۔ انہوں نے کہا کہ ادارے اپنی ذمہ داریاں پوری کریں گے۔ انہوں نے کہا کہ ادارے اپنی ذمہ داریاں پوری کریں گے۔ انہوں نے کہا کہ ادارے اپنی ذمہ داریاں پوری کریں گے۔ انہوں نے کہا کہ ادارے اپنی ذمہ داریاں پوری کریں گے۔ انہوں نے کہا کہ ادارے اپنی ذمہ داریاں پوری کریں گے۔ انہوں نے کہا کہ ادارے اپنی ذمہ داریاں پوری کریں گے۔ انہوں نے کہا کہ ادارے اپنی ذمہ داریاں پوری کریں گے۔ انہوں نے کہا کہ ادارے اپنی ذمہ داریاں پوری کریں گے۔ انہوں نے کہا کہ ادارے اپنی ذمہ داریاں پوری کریں گے۔
تتمہ
تتمہ جات
43
اجلاس میں صوبائی وزراء نے شرکت کی۔ اجلاس میں صوبائی وزراء نے شرکت کی۔ اجلاس میں صوبائی وزراء نے شرکت کی۔ اجلاس میں صوبائی وزراء نے شرکت کی۔ اجلاس میں صوبائی وزراء نے شرکت کی۔ اجلاس میں صوبائی وزراء نے شرکت کی۔ اجلاس میں صوبائی وزراء نے شرکت کی۔ اجلاس میں صوبائی وزراء نے شرکت کی۔ اجلاس میں صوبائی وزراء نے شرکت کی۔ اجلاس میں صوبائی وزراء نے شرکت کی۔ اجلاس میں صوبائی وزراء نے شرکت کی۔ اجلاس میں صوبائی وزراء نے شرکت کی۔ اجلاس میں صوبائی وزراء نے شرکت کی۔ اجلاس میں صوبائی وزراء نے شرکت کی۔ اجلاس میں صوبائی وزراء نے شرکت کی۔ اجلاس میں صوبائی وزراء نے شرکت کی۔
تتمہ
تتمہ جات
44
متعلقہ حکام نے صورتحال کا جائزہ لیا۔ متعلقہ حکام نے صورتحال کا جائزہ لیا۔ متعلقہ حکام نے صورتحال کا جائزہ لیا۔ متعلقہ حکام نے صورتحال کا جائزہ لیا۔ متعلقہ حکام نے صورتحال کا جائزہ لیا۔ متعلقہ حکام نے صورتحال کا جائزہ لیا۔ متعلقہ حکام نے صورتحال کا جائزہ لیا۔
تتمہ
تتمہ جات
45
کے مطابق 60 فیصد کام مکمل کر لیا گیا ہے۔ کے مطابق 60 فیصد کام مکمل کر لیا گیا ہے۔ کے مطابق 60 فیصد کام مکمل کر لیا گیا ہے۔ کے مطابق 60 فیصد کام مکمل کر لیا گیا ہے۔ کے مطابق 60 فیصد کام مکمل کر لیا گیا ہے۔ کے مطابق 60 فیصد کام مکمل کر لیا گیا ہے۔ کے مطابق 60 فیصد کام مکمل کر لیا گیا ہے۔ کے مطابق 60 فیصد کام مکمل کر لیا گیا ہے۔ کے مطابق 60 فیصد کام مکمل کر لیا گیا ہے۔ کے مطابق 60 فیصد کام مکمل کر لیا گیا ہے۔ کے مطابق 60 فیصد کام مکمل کر لیا گیا ہے۔ کے مطابق 60 فیصد کام مکمل کر لیا گیا ہے۔ کے مطابق 60 فیصد کام
تتمہ
تتمہ جات
46
عوام سے تعاون کی اپیل کی گئی ہے۔ عوام سے تعاون کی اپیل کی گئی ہے۔ عوام سے تعاون کی اپیل کی گئی ہے۔ عوام سے تعاون کی اپیل کی گئی ہے۔ عوام سے تعاون کی اپیل کی گئی ہے۔ عوام سے تعاون کی اپیل کی گئی ہے۔ عوام سے تعاون کی اپیل کی گئی ہے۔
بعدالت جناب محمد طارق خاں
صاحب سول جج درجہ اول پتوکی۔
دعوئی استقرار حق بابت منسوخی۔
خدیجہ اکبر بنام سیکرٹری یونین کونسل نمبر 91 اکبر آباد تحصیل پتوکی ضلع قصور۔ ہرگاہ مقدمہ عنوان بالا میں مدعا علیہ تعمیل سمن سے گریزاں ہے ان کی تعمیل آسان طریقہ سے ہونا مشکل ہے لہذا بذریعہ اخبار اشتہار مدعا علیہ کو مطلع کیا جاتا ہے کہ آپ بتقرر3-1-2026بوقت 9 بجے صبح اصالتاً یا وکالتاً حاضر عدالت ہوں۔ بصورت دیگر کارروائی حسب ضابطہ عمل میں لائی جائے گی بعد میں کوئی عذر قابل قبول نہ ہوگا۔
مہر عدالت
☆ A ☆
دستخط حاکم
بعدالت جناب اعجاز ثناء اللہ خان
صاحب سول جج / فیملی کورٹ جھنگ
دعوئی تنسیخ نکاح بربنائے خلع۔
شفقت رسول بنام محمد آفتاب احمد ولد شمس الحق قوم قریشی ساکن بستی سلطان نون جھنگ۔ ہرگاہ مقدمہ عنوان بالا میں مدعا علیہ تعمیل سمن سے گریزاں ہے ان کی تعمیل آسان طریقہ سے ہونا مشکل ہے لہذا بذریعہ اخبار اشتہار مدعا علیہ کو مطلع کیا جاتا ہے کہ آپ بتقرر3-1-2026بوقت 9 بجے صبح اصالتاً یا وکالتاً حاضر عدالت ہوں۔ بصورت دیگر کارروائی حسب ضابطہ عمل میں لائی جائے گی بعد میں کوئی عذر قابل قبول نہ ہوگا۔
مہر عدالت
دستخط حاکم
بعدالت جناب سید عدنان مہدی
صاحب سینئر سول جج / گارڈین جج
چنیوٹ۔
درخواست سرٹیفکیٹ جانشینی
کامران یوسف ولد محمد یوسف ذات مغل ساکن نئی آبادی نزد فاطمہ مسجد مکان نمبر 481/7 محلہ بنام عوام الناس۔ ہرگاہ سائل نے درخواست مذکورہ عدالت ہذا میں گزاری ہے لہذا ہر خاص و عام کو بذریعہ اشتہار مطلع کیا جاتا ہے کہ کسی کو کوئی عذر نسبت درخواست سائل ہو تو اصالتاً یا وکالتاً یا بذریعہ مختار خاص عدالت ہذا میں آپ بتقرر3-1-2026بوقت 9 بجے صبح حاضر ہو کر پیش کریں ورنہ کارروائی حسب ضابطہ عمل میں لائی جاوے گی۔
مہر عدالت
دستخط حاکم
تتمہ
تتمہ جات
47
سال 2019 کے بعد 5 اور 10 فیصد اضافہ ریکارڈ کیا گیا۔ سال 2019 کے بعد 5 اور 10 فیصد اضافہ ریکارڈ کیا گیا۔ سال 2019 کے بعد 5 اور 10 فیصد اضافہ ریکارڈ کیا گیا۔ سال 2019 کے بعد 5 اور 10 فیصد اضافہ ریکارڈ کیا گیا۔ سال 2019 کے بعد 5 اور 10 فیصد اضافہ ریکارڈ کیا گیا۔ سال 2019 کے بعد 5 اور 10 فیصد اضافہ ریکارڈ کیا گیا۔ سال 2019 کے بعد 5 اور 10 فیصد اضافہ ریکارڈ کیا گیا۔ سال 2019 کے بعد 5 اور 10 فیصد اضافہ ریکارڈ کیا گیا۔ سال 2019 کے بعد 5 اور 10 فیصد اضافہ ریکارڈ کیا گیا۔ سال 2019 کے بعد 5 اور 10 فیصد اضافہ ریکارڈ کیا گیا۔ سال 2019 کے بعد 5 اور 10 فیصد اضافہ ریکارڈ کیا گیا۔ سال 2019 کے بعد 5 اور 10 فیصد اضافہ ریکارڈ کیا گیا۔ سال 2019 کے بعد 5 اور 10 فیصد اضافہ ریکارڈ کیا گیا۔ سال 2019 کے بعد 5 اور 10 فیصد اضافہ ریکارڈ کیا گیا۔ سال 2019 کے بعد 5 اور 10 فیصد اضافہ ریکارڈ کیا گیا۔ سال 2019 کے بعد 5 اور 10 فیصد اضافہ ریکارڈ کیا گیا۔ سال 2019 کے بعد 5 اور 10 فیصد اضافہ ریکارڈ کیا گیا۔ سال 2019 کے بعد 5 اور 10 فیصد اضافہ ریکارڈ کیا گیا۔ سال 2019 کے بعد 5 اور 10 فیصد اضافہ ریکارڈ کیا گیا۔ سال 2019 کے بعد 5 اور
تتمہ
تتمہ جات
48
حکام نے اس حوالے سے رپورٹ طلب کر لی۔ حکام نے اس حوالے سے رپورٹ طلب کر لی۔ حکام نے اس حوالے سے رپورٹ طلب کر لی۔ حکام نے اس حوالے سے رپورٹ طلب کر لی۔ حکام نے اس حوالے سے رپورٹ طلب کر لی۔ حکام نے اس حوالے سے رپورٹ طلب کر لی۔ حکام نے
تتمہ
تتمہ جات
49
کے مطابق 19 افراد کو طبی امداد دی گئی۔ کے مطابق 19 افراد کو طبی امداد دی گئی۔ کے مطابق 19 افراد کو طبی امداد دی گئی۔ کے مطابق 19 افراد کو طبی امداد دی گئی۔ کے مطابق 19 افراد کو طبی امداد دی گئی۔ کے مطابق 19 افراد کو طبی امداد دی گئی۔ کے مطابق 19 افراد کو طبی امداد دی گئی۔ کے مطابق 19 افراد کو طبی امداد دی گئی۔ کے مطابق 19 افراد کو طبی امداد دی گئی۔ کے مطابق 19 افراد کو طبی امداد دی گئی۔ کے مطابق 19 افراد کو طبی امداد دی گئی۔ کے مطابق 19 افراد کو طبی امداد دی گئی۔ کے مطابق 19 افراد کو طبی امداد دی گئی۔ کے مطابق 19 افراد کو طبی امداد دی گئی۔ کے مطابق 19 افراد کو طبی امداد دی گئی۔ کے مطابق 19 افراد کو طبی امداد دی گئی۔ کے مطابق 19 افراد کو طبی امداد دی گئی۔ کے مطابق 19 افراد کو طبی امداد
تتمہ
تتمہ جات
50
انہوں نے کہا کہ 10 روز میں کام مکمل ہوگا۔ انہوں نے کہا کہ 10 روز میں کام مکمل ہوگا۔ انہوں نے کہا کہ 10 روز میں کام مکمل ہوگا۔ انہوں نے کہا کہ 10 روز میں کام مکمل ہوگا۔ انہوں نے کہا کہ 10 روز میں کام مکمل ہوگا۔ انہوں نے کہا کہ 10 روز میں کام مکمل ہوگا۔ انہوں نے کہا کہ 10 روز میں کام
تتمہ
تتمہ جات
51
سال 2025 میں 30 اور 60 فیصد اضافہ، 14 منصوبے۔ سال 2025 میں 30 اور 60 فیصد اضافہ، 14 منصوبے۔ سال 2025 میں 30 اور 60 فیصد اضافہ، 14 منصوبے۔ سال 2025 میں 30 اور 60 فیصد اضافہ، 14 منصوبے۔ سال 2025 میں 30 اور 60 فیصد اضافہ، 14 منصوبے۔ سال 2025 میں 30 اور 60 فیصد اضافہ، 14 منصوبے۔ سال 2025 میں 30 اور 60 فیصد اضافہ، 14 منصوبے۔ سال 2025 میں 30 اور 60 فیصد اضافہ، 14 منصوبے۔ سال 2025
بعدالت جناب وقاص مرتضیٰ جنجوعہ
صاحب سول جج درجہ اول سوہاوہ۔
درخواست حصول سرٹیفکیٹ جانشینی
شاہدہ بیگم بیوہ احمد خان ساکنائے رائے پور ڈاکخانہ پدھری تحصیل سوہاوہ ضلع جہلم بنام عوام الناس۔ ہرگاہ سائل نے درخواست مذکورہ عدالت ہذا میں گزاری ہے لہذا ہر خاص و عام کو بذریعہ اشتہار مطلع کیا جاتا ہے کہ کسی کو کوئی عذر نسبت درخواست سائل ہو تو اصالتاً یا وکالتاً یا بذریعہ مختار خاص عدالت ہذا میں آپ بتقرر3-1-2026بوقت 9 بجے صبح حاضر ہو کر پیش کریں ورنہ کارروائی حسب ضابطہ عمل میں لائی جاوے گی۔
مہر عدالت
دستخط حاکم
بعدالت جناب مصباح اسلم صاحبہ
سول جج ننکانہ صاحب
دعوئی تنسیخ نکاح دلا پانے خرچہ نان ونفقہ واپسی سامان جہیز وغیرہ۔
شافع بی بی بنام اللہ دتہ ولد عیسیٰ قوم اعوان ساکن چک حیدر آباد احاطہ آغاز ڈاکخانہ سید والا تحصیل و ضلع ننکانہ صاحب۔ ہرگاہ مقدمہ عنوان بالا میں مدعا علیہ تعمیل سمن سے گریزاں ہے ان کی تعمیل آسان طریقہ سے ہونا مشکل ہے لہذا بذریعہ اخبار اشتہار مدعا علیہ کو مطلع کیا جاتا ہے کہ آپ بتقرر3-1-2026بوقت 9 بجے صبح اصالتاً یا وکالتاً حاضر عدالت ہوں۔ بصورت دیگر کارروائی حسب ضابطہ عمل میں لائی جائے گی بعد میں کوئی عذر قابل قبول نہ ہوگا۔
مہر عدالت
دستخط حاکم
بعدالت جناب محمد رفیق صاحب
سول جج / فیملی کورٹ سمندری
دعوئی استقرار حق۔
ارشاد بی بی بنام سیکرٹری یونین کونسل وغیرہ اشتہار بنام سیکرٹری یونین کونسل چک نمبر 470 گ ب بذریعہ ایڈمنسٹریٹر میونسپل کمیٹی سمندری ضلع فیصل آباد، نادرا بذریعہ اسسٹنٹ مینیجر نادرا آفس سمندری ضلع فیصل آباد۔ ہرگاہ مقدمہ عنوان بالا میں مدعا علیہ تعمیل سمن سے گریزاں ہے ان کی تعمیل آسان طریقہ سے ہونا مشکل ہے لہذا بذریعہ اخبار اشتہار مدعا علیہ کو مطلع کیا جاتا ہے کہ آپ بتقرر3-1-2026بوقت 9 بجے صبح اصالتاً یا وکالتاً حاضر عدالت ہوں۔ بصورت دیگر کارروائی حسب ضابطہ عمل میں لائی جائے گی بعد میں کوئی عذر قابل قبول نہ ہوگا۔
مہر عدالت
دستخط حاکم
روپے 6 فیصد 50 روپے اضافہ، 60 کروڑ روپے، 77 ارب، 79 کروڑ روپے، 56 کروڑ روپے، سال 2025 میں 2026 تک 7.9 فیصد، 9 اور 500 روپے، 20، 26 اور 30 کروڑ روپے جاری کیے گئے۔ روپے 6 فیصد 50 روپے اضافہ، 60 کروڑ روپے، 77 ارب، 79 کروڑ روپے، 56 کروڑ روپے، سال 2025 میں 2026 تک 7.9 فیصد، 9 اور 500 روپے، 20، 26 اور 30 کروڑ روپے جاری کیے گئے۔ روپے 6 فیصد 50 روپے اضافہ، 60 کروڑ روپے، 77 ارب، 79 کروڑ روپے، 56 کروڑ روپے، سال 2025 میں 2026 تک 7.9 فیصد، 9 اور 500 روپے، 20، 26 اور 30 کروڑ روپے جاری کیے گئے۔ روپے 6 فیصد 50 روپے اضافہ، 60 کروڑ روپے، 77 ارب، 79 کروڑ روپے، 56 کروڑ روپے، سال 2025 میں 2026 تک 7.9 فیصد، 9 اور 500 روپے، 20، 26 اور 30 کروڑ روپے جاری کیے گئے۔ روپے 6 فیصد 50 روپے اضافہ، 60 کروڑ روپے، 77 ارب، 79 کروڑ روپے، 56 کروڑ روپے، سال 2025 میں 2026 تک 7.9 فیصد، 9 اور 500 روپے، 20، 26 اور 30 کروڑ روپے جاری کیے گئے۔ روپے 6 فیصد 50 روپے اضافہ، 60 کروڑ روپے، 77 ارب، 79 کروڑ روپے، 56 کروڑ روپے، سال 2025 میں 2026 تک 7.9 فیصد، 9 اور 500 روپے، 20، 26 اور 30 کروڑ روپے جاری کیے
تتمہ
تتمہ جات
52
20 ہزار، 140 اور 990 روپے، 100 ارب روپے کے منصوبے۔ 20 ہزار، 140 اور 990 روپے، 100 ارب روپے کے منصوبے۔ 20 ہزار، 140 اور 990 روپے، 100 ارب روپے کے منصوبے۔ 20 ہزار، 140 اور 990 روپے، 100 ارب روپے کے منصوبے۔ 20 ہزار، 140 اور 990 روپے، 100 ارب
تتمہ
تتمہ جات
53
انہوں نے کہا کہ عوامی مسائل حل کیے جائیں گے۔ انہوں نے کہا کہ عوامی مسائل حل کیے جائیں گے۔ انہوں نے کہا کہ عوامی مسائل حل کیے جائیں گے۔ انہوں نے کہا کہ عوامی مسائل حل کیے جائیں گے۔ انہوں نے کہا کہ عوامی مسائل حل کیے جائیں گے۔ انہوں نے کہا کہ عوامی مسائل حل کیے جائیں گے۔ انہوں نے کہا کہ عوامی مسائل حل کیے جائیں گے۔ انہوں نے کہا کہ عوامی مسائل حل کیے جائیں گے۔ انہوں نے کہا
تتمہ
تتمہ جات
54
اجلاس میں مختلف امور کا جائزہ لیا گیا۔ اجلاس میں مختلف امور کا جائزہ لیا گیا۔ اجلاس میں مختلف امور کا جائزہ لیا گیا۔ اجلاس میں مختلف امور کا جائزہ لیا گیا۔ اجلاس میں مختلف امور کا جائزہ لیا گیا۔ اجلاس میں مختلف امور کا جائزہ لیا گیا۔ اجلاس میں مختلف امور کا جائزہ لیا گیا۔ اجلاس میں مختلف امور کا جائزہ لیا گیا۔ اجلاس میں مختلف امور کا جائزہ لیا گیا۔ اجلاس میں مختلف امور کا جائزہ لیا گیا۔
تتمہ
تتمہ جات
55
متعلقہ اداروں کو ہدایات جاری کی گئیں۔ متعلقہ اداروں کو ہدایات جاری کی گئیں۔ متعلقہ اداروں کو ہدایات جاری کی گئیں۔ متعلقہ اداروں کو ہدایات جاری کی گئیں۔ متعلقہ اداروں کو ہدایات جاری کی گئیں۔ متعلقہ اداروں کو ہدایات جاری کی گئیں۔ متعلقہ اداروں کو ہدایات جاری کی گئیں۔ متعلقہ اداروں کو ہدایات جاری
تتمہ
تتمہ جات
56
حکام نے بتایا کہ کام تیزی سے جاری ہے۔ حکام نے بتایا کہ کام تیزی سے جاری ہے۔ حکام نے بتایا کہ کام تیزی سے جاری ہے۔ حکام نے بتایا کہ کام تیزی سے جاری ہے۔ حکام نے بتایا کہ کام تیزی سے جاری ہے۔ حکام نے بتایا کہ کام تیزی سے جاری ہے۔ حکام نے بتایا کہ کام تیزی سے جاری ہے۔ حکام نے بتایا کہ کام تیزی سے جاری ہے۔ حکام نے بتایا کہ کام تیزی سے جاری ہے۔ حکام نے بتایا کہ کام تیزی سے جاری ہے۔ حکام نے بتایا کہ کام تیزی سے جاری ہے۔
بعدالت جناب محمد نعیم صاحب سول کورٹ
جج پھالیہ ڈسٹرکٹ منڈی بہاؤالدین
دعوی حکم امتناعی — عنوان مقدمہ — محمد عنایت بنام شفقت وغیرہ — بنام اشتہار
شفقت، سرور پسران عزیز احمد ذات راجپوت سکنہ رنمل شریف تحصیل پھالیہ ضلع منڈی بہاالدین ہرگاہ دعوی عنوان بالا میں آپ کو بذریعہ اخبار اشتہار مطلع کیا جاتا ہے کہ نسبت عذر ہو تو بتقرر تاریخ03/01/2026اصالتاً یا وکالتاً عدالت ہذا میں پیش ہو کر درخواست کی پیروی کرے بصورت دیگر یکطرفہ کارروائی عمل میں لائی جائے گی اور کوئی عذر قابل قبول نہ ہوگا۔ بحکم عدالت ہذا
بعدالت جناب میاں محمد احمد صاحب
سینئر سول جج / گارڈین جج بھکر
دعوی۔ درخواست گارڈین عنوان۔ مہناز مائی بیوہ۔
اظہر حسین خان ذات مورانی بلوچ سکنہ مورانی جنوبی تحصیل و ضلع بھکر بنام۔ عوام الناس اشتہار اخبار بنام۔ عوام الناس ہرگاہ سائل نے درخواست / دعوی مذکورہ عدالت ہذا میں دائر / گزاری ہے لہذا ہر خاص و عام کو بذریعہ اشتہار اخبار مطلع کیا جاتا ہے کہ کسی کو کوئی عذر نسبت درخواست سائل ہو تو اصالتاً وکالتاً بذریعہ مختار خاص عدالت ہذا میں آپ بتقرر 1 جنوری2026بوقت 8 بجے صبح حاضر ہو کر پیش کریں ورنہ کارروائی حسب ضابطہ عمل میں لائی جاوے گی۔
بحکم عدالت
بعدالت جناب مائرہ حسن صاحبہ
سول جج / جج فیملی کورٹ
مسجد بلاک ایوان عدل لاہور۔
دعوئی تنسیخ نکاح۔
لبنیٰ پروین بنام ارسلان شاہ ولد نواز شاہ سکنہ گلی پیر تاج سبز پیر بھی سٹی اندرون ٹیکسالی گیٹ لاہور۔ ہرگاہ مقدمہ عنوان بالا میں مدعا علیہ تعمیل سمن سے گریزاں ہے ان کی تعمیل آسان طریقہ سے ہونا مشکل ہے لہذا بذریعہ اخبار اشتہار مدعا علیہ کو مطلع کیا جاتا ہے کہ آپ بتقرر5-1-2026بوقت 9 بجے صبح اصالتاً یا وکالتاً حاضر عدالت ہوں۔ بصورت دیگر کارروائی حسب ضابطہ عمل میں لائی جائے گی بعد میں کوئی عذر قابل قبول نہ ہوگا۔
مہر عدالت
803
دستخط حاکم
بعدالت جناب عدنان انجم گوندل
صاحب سول جج درجہ اول چیچہ وطنی
درخواست حصول سرٹیفکیٹ گارڈین۔
ناصرہ بی بی بیوہ انتظار احمد سکنہ حیات آباد گلی نمبر 7 چیچہ وطنی بنام عوام الناس۔ ہرگاہ سائل نے درخواست مذکورہ عدالت ہذا میں گزاری ہے لہذا ہر خاص و عام کو بذریعہ اشتہار مطلع کیا جاتا ہے کہ کسی کو کوئی عذر نسبت درخواست سائل ہو تو اصالتاً یا وکالتاً یا بذریعہ مختار خاص عدالت ہذا میں آپ بتقرر3-1-2026بوقت 9 بجے صبح حاضر ہو کر پیش کریں ورنہ کارروائی حسب ضابطہ عمل میں لائی جاوے گی۔
مہر عدالت
دستخط حاکم
